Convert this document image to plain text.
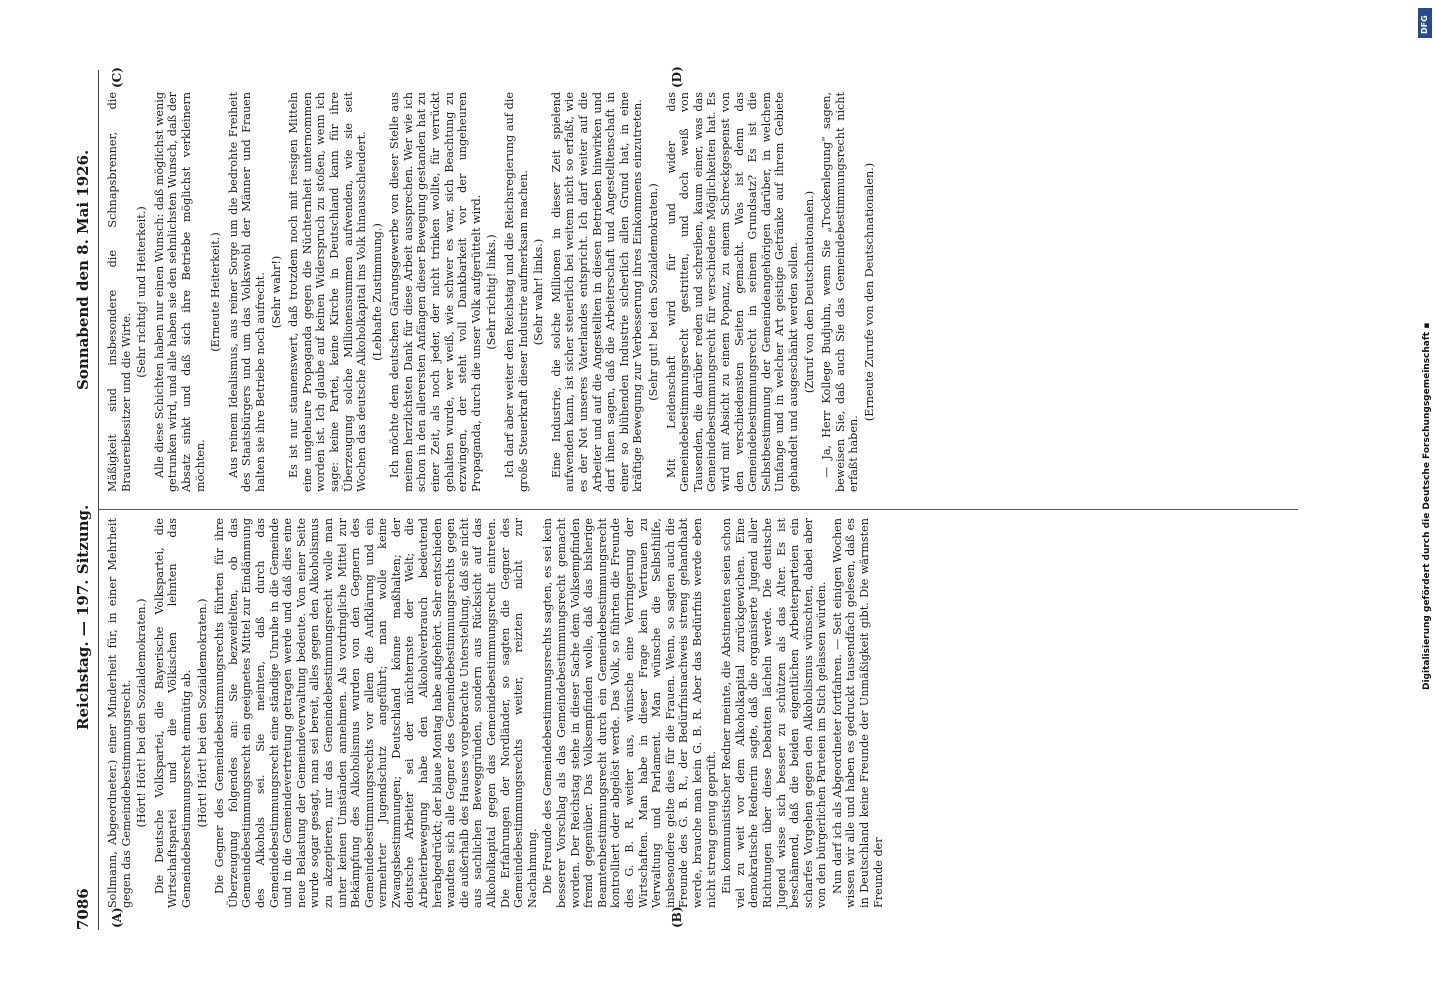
7086
Reichstag. — 197. Sitzung.
Sonnabend den 8. Mai 1926.
(A)	(B)
(C)	(D)

Sollmann, Abgeordneter.) einer Minderheit für, in einer Mehrheit gegen das Gemeindebestimmungsrecht. (Hört! Hört! bei den Sozialdemokraten.) Die Deutsche Volkspartei, die Bayerische Volkspartei, die Wirtschaftspartei und die Völkischen lehnten das Gemeindebestimmungsrecht einmütig ab. (Hört! Hört! bei den Sozialdemokraten.) Die Gegner des Gemeindebestimmungsrechts führten für ihre Überzeugung folgendes an: Sie bezweifelten, ob das Gemeindebestimmungsrecht ein geeignetes Mittel zur Eindämmung des Alkohols sei. Sie meinten, daß durch das Gemeindebestimmungsrecht eine ständige Unruhe in die Gemeinde und in die Gemeindevertretung getragen werde und daß dies eine neue Belastung der Gemeindeverwaltung bedeute. Von einer Seite wurde sogar gesagt, man sei bereit, alles gegen den Alkoholismus zu akzeptieren, nur das Gemeindebestimmungsrecht wolle man unter keinen Umständen annehmen. Als vordringliche Mittel zur Bekämpfung des Alkoholismus wurden von den Gegnern des Gemeindebestimmungsrechts vor allem die Aufklärung und ein vermehrter Jugendschutz angeführt; man wolle keine Zwangsbestimmungen; Deutschland könne maßhalten; der deutsche Arbeiter sei der nüchternste der Welt; die Arbeiterbewegung habe den Alkoholverbrauch bedeutend herabgedrückt; der blaue Montag habe aufgehört. Sehr entschieden wandten sich alle Gegner des Gemeindebestimmungsrechts gegen die außerhalb des Hauses vorgebrachte Unterstellung, daß sie nicht aus sachlichen Beweggründen, sondern aus Rücksicht auf das Alkoholkapital gegen das Gemeindebestimmungsrecht eintreten. Die Erfahrungen der Nordländer, so sagten die Gegner des Gemeindebestimmungsrechts weiter, reizten nicht zur Nachahmung. Die Freunde des Gemeindebestimmungsrechts sagten, es sei kein besserer Vorschlag als das Gemeindebestimmungsrecht gemacht worden. Der Reichstag stehe in dieser Sache dem Volksempfinden fremd gegenüber. Das Volksempfinden wolle, daß das bisherige Beamtenbestimmungsrecht durch ein Gemeindebestimmungsrecht kontrolliert oder abgelöst werde. Das Volk, so führten die Freunde des G. B. R. weiter aus, wünsche eine Verringerung der Wirtschaften. Man habe in dieser Frage kein Vertrauen zu Verwaltung und Parlament. Man wünsche die Selbsthilfe, insbesondere gelte dies für die Frauen. Wenn, so sagten auch die Freunde des G. B. R., der Bedürfnisnachweis streng gehandhabt werde, brauche man kein G. B. R. Aber das Bedürfnis werde eben nicht streng genug geprüft. Ein kommunistischer Redner meinte, die Abstinenten seien schon viel zu weit vor dem Alkoholkapital zurückgewichen. Eine demokratische Rednerin sagte, daß die organisierte Jugend aller Richtungen über diese Debatten lächeln werde. Die deutsche Jugend wisse sich besser zu schützen als das Alter. Es ist beschämend, daß die beiden eigentlichen Arbeiterparteien ein scharfes Vorgehen gegen den Alkoholismus wünschten, dabei aber von den bürgerlichen Parteien im Stich gelassen würden. Nun darf ich als Abgeordneter fortfahren. — Seit einigen Wochen wissen wir alle und haben es gedruckt tausendfach gelesen, daß es in Deutschland keine Freunde der Unmäßigkeit gibt. Die wärmsten Freunde der

Mäßigkeit sind insbesondere die Schnapsbrenner, die Brauereibesitzer und die Wirte.

(Sehr richtig! und Heiterkeit.) Alle diese Schichten haben nur einen Wunsch: daß möglichst wenig getrunken wird, und alle haben sie den sehnlichsten Wunsch, daß der Absatz sinkt und daß sich ihre Betriebe möglichst verkleinern möchten.

(Erneute Heiterkeit.) Aus reinem Idealismus, aus reiner Sorge um die bedrohte Freiheit des Staatsbürgers und um das Volkswohl der Männer und Frauen halten sie ihre Betriebe noch aufrecht. (Sehr wahr!) Es ist nur staunenswert, daß trotzdem noch mit riesigen Mitteln eine ungeheure Propaganda gegen die Nüchternheit unternommen worden ist. Ich glaube auf keinen Widerspruch zu stoßen, wenn ich sage: keine Partei, keine Kirche in Deutschland kann für ihre Überzeugung solche Millionensummen aufwenden, wie sie seit Wochen das deutsche Alkoholkapital ins Volk hinausschleudert. (Lebhafte Zustimmung.) Ich möchte dem deutschen Gärungsgewerbe von dieser Stelle aus meinen herzlichsten Dank für diese Arbeit aussprechen. Wer wie ich schon in den allerersten Anfängen dieser Bewegung gestanden hat zu einer Zeit, als noch jeder, der nicht trinken wollte, für verrückt gehalten wurde, wer weiß, wie schwer es war, sich Beachtung zu erzwingen, der steht voll Dankbarkeit vor der ungeheuren Propaganda, durch die unser Volk aufgerüttelt wird. (Sehr richtig! links.) Ich darf aber weiter den Reichstag und die Reichsregierung auf die große Steuerkraft dieser Industrie aufmerksam machen. (Sehr wahr! links.) Eine Industrie, die solche Millionen in dieser Zeit spielend aufwenden kann, ist sicher steuerlich bei weitem nicht so erfaßt, wie es der Not unseres Vaterlandes entspricht. Ich darf weiter auf die Arbeiter und auf die Angestellten in diesen Betrieben hinwirken und darf ihnen sagen, daß die Arbeiterschaft und Angestelltenschaft in einer so blühenden Industrie sicherlich allen Grund hat, in eine kräftige Bewegung zur Verbesserung ihres Einkommens einzutreten. (Sehr gut! bei den Sozialdemokraten.) Mit Leidenschaft wird für und wider das Gemeindebestimmungsrecht gestritten, und doch weiß von Tausenden, die darüber reden und schreiben, kaum einer, was das Gemeindebestimmungsrecht für verschiedene Möglichkeiten hat. Es wird mit Absicht zu einem Popanz, zu einem Schreckgespenst von den verschiedensten Seiten gemacht. Was ist denn das Gemeindebestimmungsrecht in seinem Grundsatz? Es ist die Selbstbestimmung der Gemeindeangehörigen darüber, in welchem Umfange und in welcher Art geistige Getränke auf ihrem Gebiete gehandelt und ausgeschänkt werden sollen. (Zuruf von den Deutschnationalen.) — Ja, Herr Kollege Budjuhn, wenn Sie „Trockenlegung“ sagen, beweisen Sie, daß auch Sie das Gemeindebestimmungsrecht nicht erfaßt haben.

(Erneute Zurufe von den Deutschnationalen.)

DFG
Digitalisierung gefördert durch die Deutsche Forschungsgemeinschaft ▪
